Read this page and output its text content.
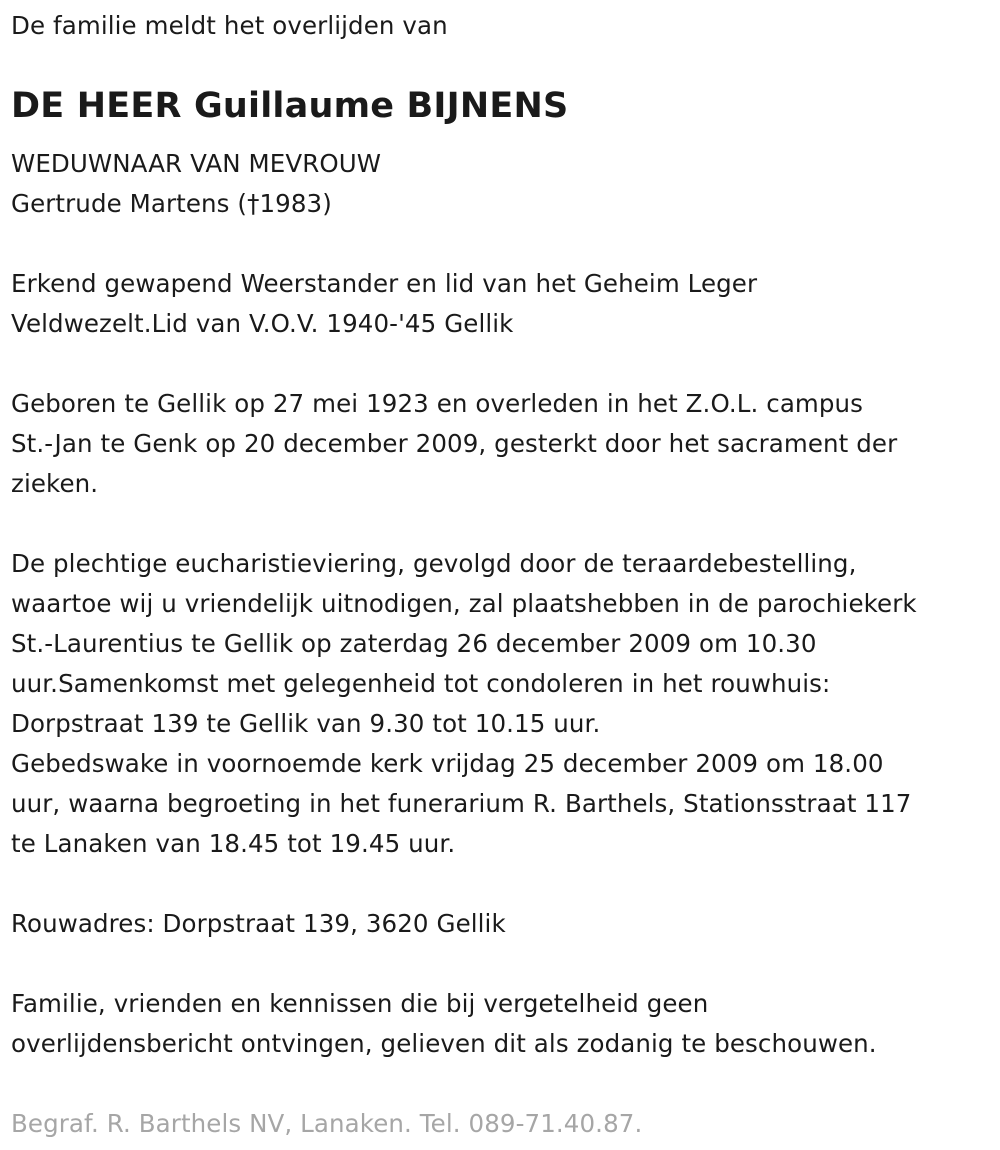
De familie meldt het overlijden van
DE HEER Guillaume BIJNENS
WEDUWNAAR VAN MEVROUW
Gertrude Martens (†1983)
Erkend gewapend Weerstander en lid van het Geheim Leger
Veldwezelt.Lid van V.O.V. 1940-'45 Gellik
Geboren te Gellik op 27 mei 1923 en overleden in het Z.O.L. campus
St.-Jan te Genk op 20 december 2009, gesterkt door het sacrament der
zieken.
De plechtige eucharistieviering, gevolgd door de teraardebestelling,
waartoe wij u vriendelijk uitnodigen, zal plaatshebben in de parochiekerk
St.-Laurentius te Gellik op zaterdag 26 december 2009 om 10.30
uur.Samenkomst met gelegenheid tot condoleren in het rouwhuis:
Dorpstraat 139 te Gellik van 9.30 tot 10.15 uur.
Gebedswake in voornoemde kerk vrijdag 25 december 2009 om 18.00
uur, waarna begroeting in het funerarium R. Barthels, Stationsstraat 117
te Lanaken van 18.45 tot 19.45 uur.
Rouwadres: Dorpstraat 139, 3620 Gellik
Familie, vrienden en kennissen die bij vergetelheid geen
overlijdensbericht ontvingen, gelieven dit als zodanig te beschouwen.
Begraf. R. Barthels NV, Lanaken. Tel. 089-71.40.87.
